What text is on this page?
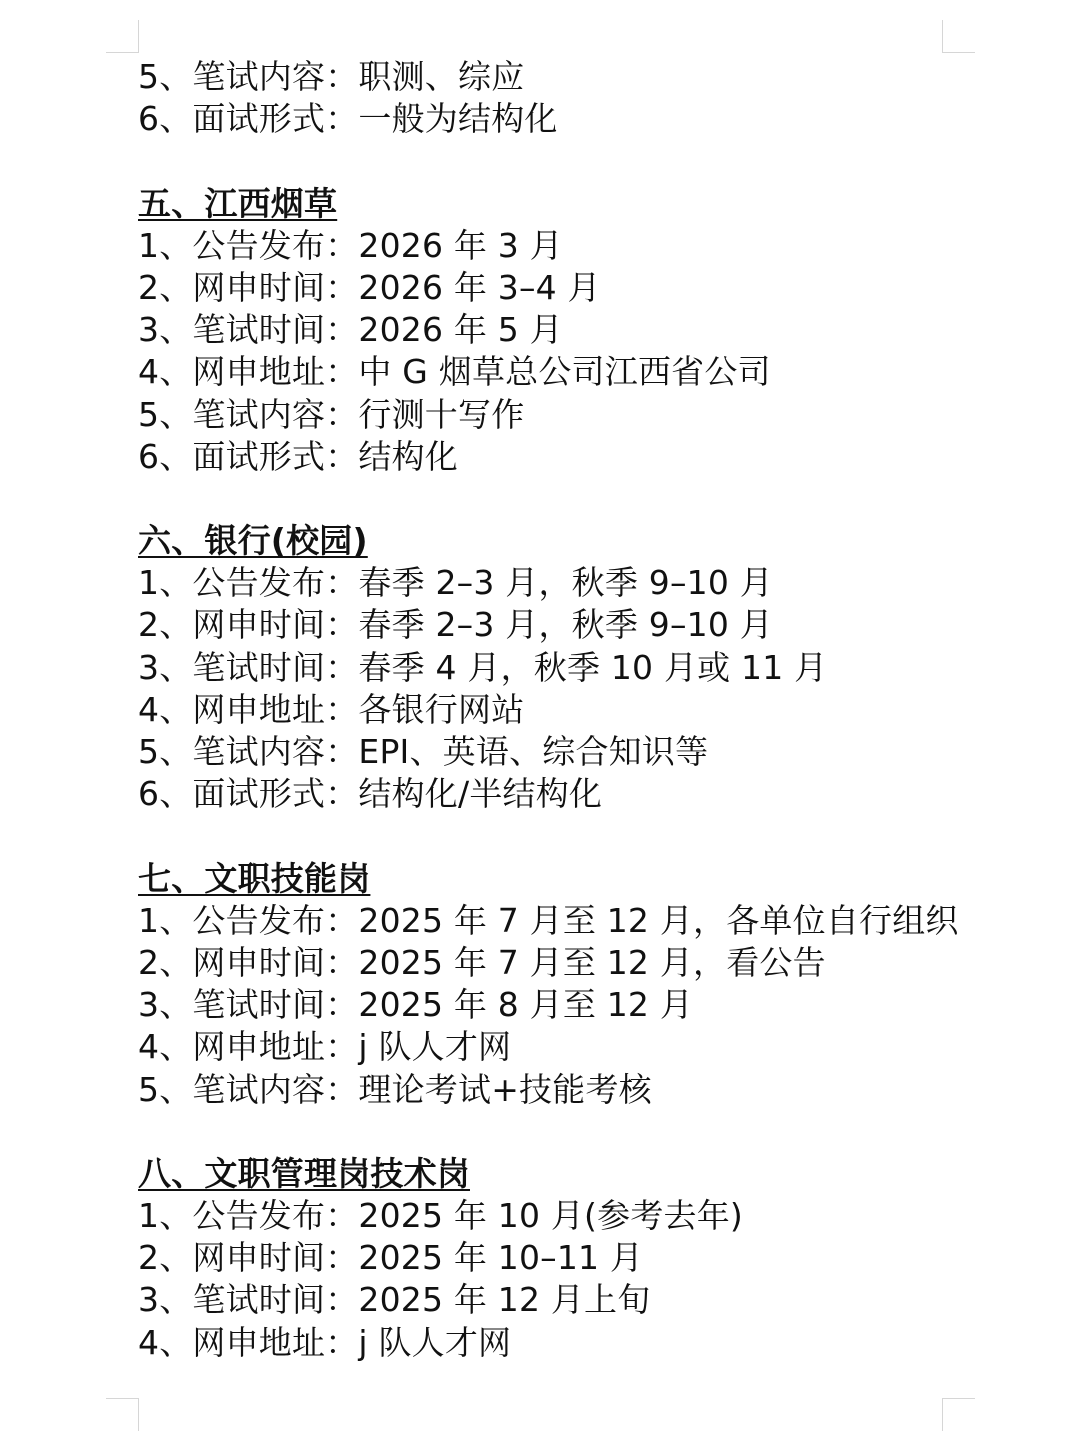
5、笔试内容：职测、综应
6、面试形式：一般为结构化
五、江西烟草
1、公告发布：2026 年 3 月
2、网申时间：2026 年 3–4 月
3、笔试时间：2026 年 5 月
4、网申地址：中 G 烟草总公司江西省公司
5、笔试内容：行测十写作
6、面试形式：结构化
六、银行(校园)
1、公告发布：春季 2–3 月，秋季 9–10 月
2、网申时间：春季 2–3 月，秋季 9–10 月
3、笔试时间：春季 4 月，秋季 10 月或 11 月
4、网申地址：各银行网站
5、笔试内容：EPI、英语、综合知识等
6、面试形式：结构化/半结构化
七、文职技能岗
1、公告发布：2025 年 7 月至 12 月，各单位自行组织
2、网申时间：2025 年 7 月至 12 月，看公告
3、笔试时间：2025 年 8 月至 12 月
4、网申地址：j 队人才网
5、笔试内容：理论考试+技能考核
八、文职管理岗技术岗
1、公告发布：2025 年 10 月(参考去年)
2、网申时间：2025 年 10–11 月
3、笔试时间：2025 年 12 月上旬
4、网申地址：j 队人才网
